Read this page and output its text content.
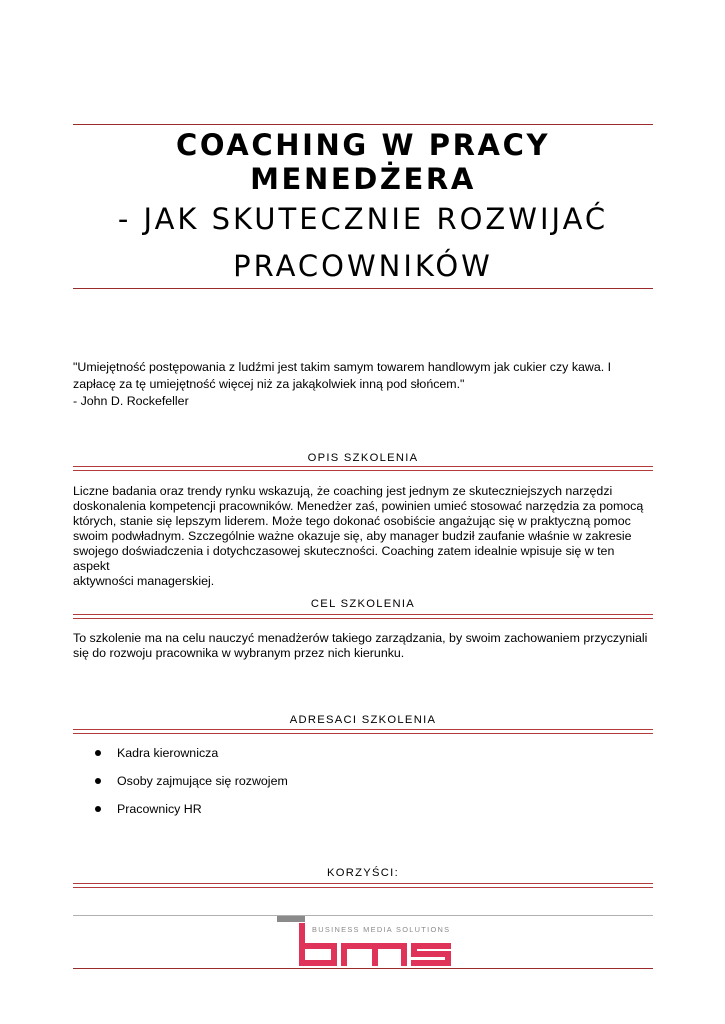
COACHING W PRACY MENEDŻERA
- JAK SKUTECZNIE ROZWIJAĆ
PRACOWNIKÓW

"Umiejętność postępowania z ludźmi jest takim samym towarem handlowym jak cukier czy kawa. I

zapłacę za tę umiejętność więcej niż za jakąkolwiek inną pod słońcem."

- John D. Rockefeller

OPIS SZKOLENIA
Liczne badania oraz trendy rynku wskazują, że coaching jest jednym ze skuteczniejszych narzędzi
doskonalenia kompetencji pracowników. Menedżer zaś, powinien umieć stosować narzędzia za pomocą
których, stanie się lepszym liderem. Może tego dokonać osobiście angażując się w praktyczną pomoc
swoim podwładnym. Szczególnie ważne okazuje się, aby manager budził zaufanie właśnie w zakresie
swojego doświadczenia i dotychczasowej skuteczności. Coaching zatem idealnie wpisuje się w ten aspekt
aktywności managerskiej.
CEL SZKOLENIA
To szkolenie ma na celu nauczyć menadżerów takiego zarządzania, by swoim zachowaniem przyczyniali
się do rozwoju pracownika w wybranym przez nich kierunku.
ADRESACI SZKOLENIA
Kadra kierownicza
Osoby zajmujące się rozwojem
Pracownicy HR
KORZYŚCI:
BUSINESS MEDIA SOLUTIONS
